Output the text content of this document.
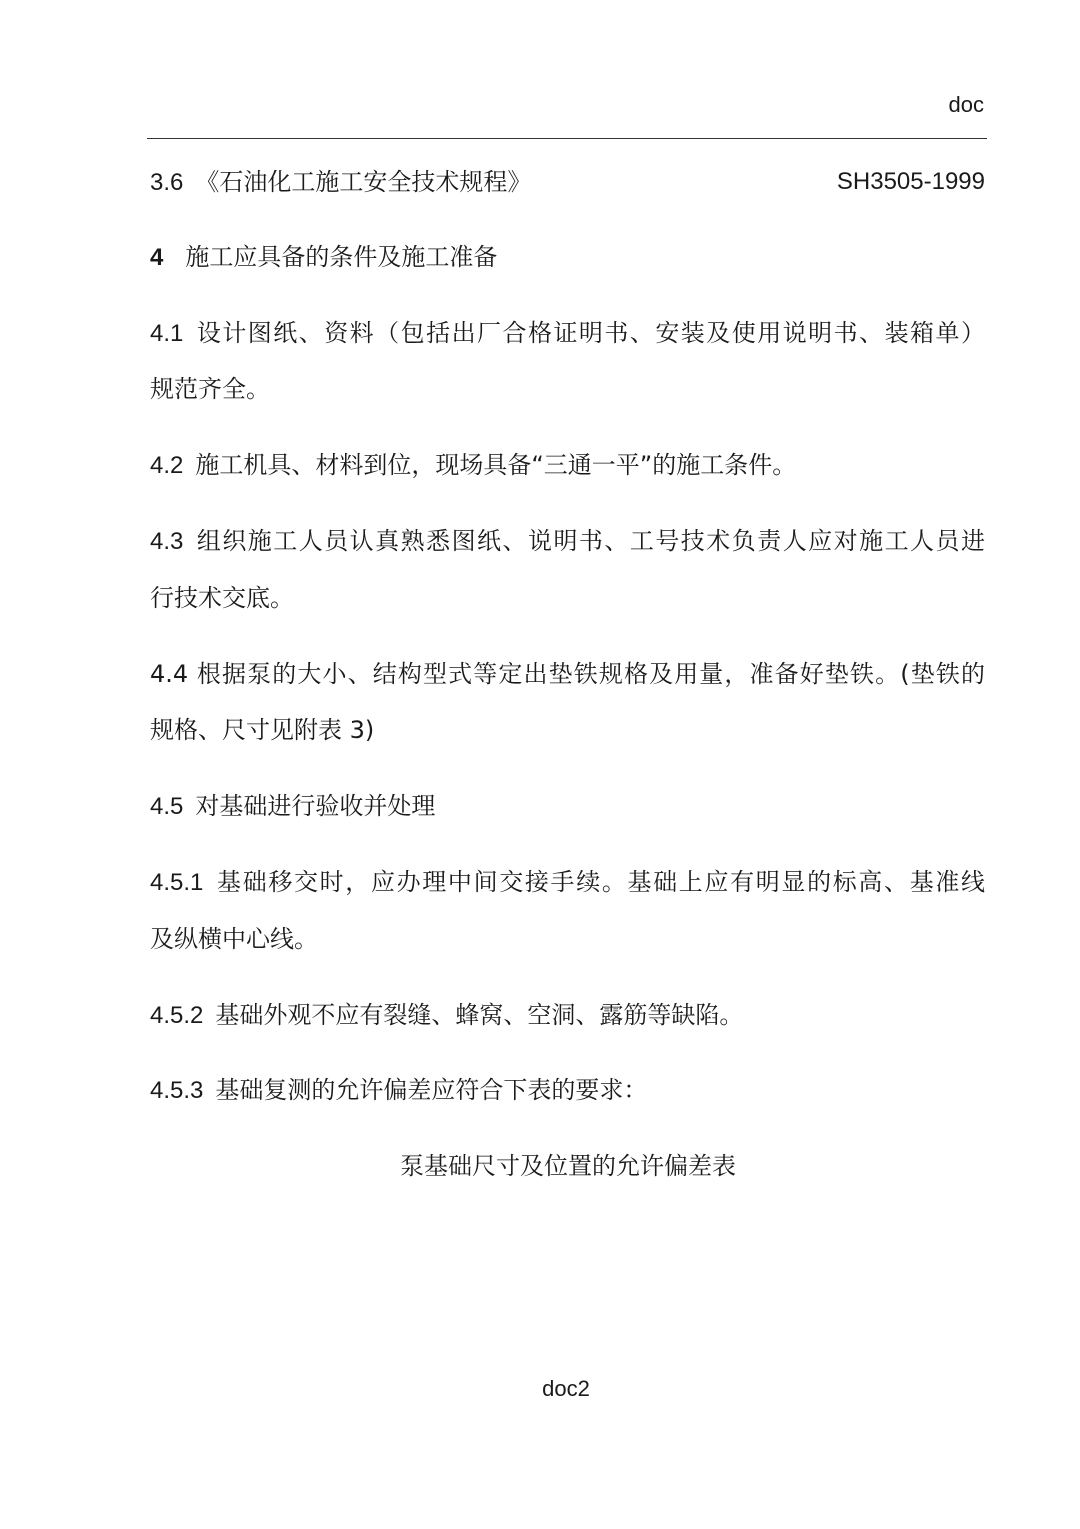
doc
3.6 《石油化工施工安全技术规程》	SH3505-1999
4 施工应具备的条件及施工准备
4.1 设计图纸、资料（包括出厂合格证明书、安装及使用说明书、装箱单）
规范齐全。
4.2 施工机具、材料到位，现场具备“三通一平”的施工条件。
4.3 组织施工人员认真熟悉图纸、说明书、工号技术负责人应对施工人员进
行技术交底。
4.4 根据泵的大小、结构型式等定出垫铁规格及用量，准备好垫铁。(垫铁的
规格、尺寸见附表 3)
4.5 对基础进行验收并处理
4.5.1 基础移交时，应办理中间交接手续。基础上应有明显的标高、基准线
及纵横中心线。
4.5.2 基础外观不应有裂缝、蜂窝、空洞、露筋等缺陷。
4.5.3 基础复测的允许偏差应符合下表的要求：
泵基础尺寸及位置的允许偏差表
doc2
